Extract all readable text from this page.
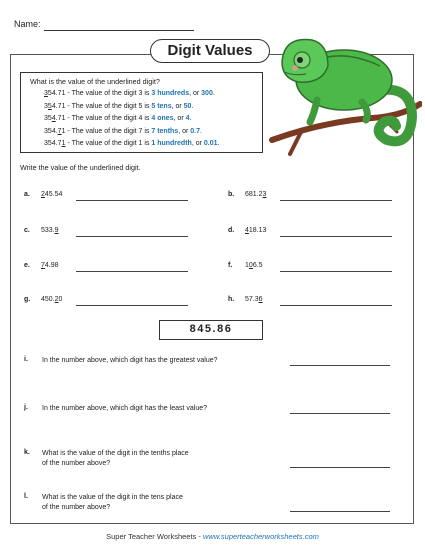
Name:
Digit Values
What is the value of the underlined digit?
354.71 - The value of the digit 3 is 3 hundreds, or 300.
354.71 - The value of the digit 5 is 5 tens, or 50.
354.71 - The value of the digit 4 is 4 ones, or 4.
354.71 - The value of the digit 7 is 7 tenths, or 0.7.
354.71 - The value of the digit 1 is 1 hundredth, or 0.01.
Write the value of the underlined digit.
a. 245.54	b. 681.23
c. 533.9	d. 418.13
e. 74.98	f. 106.5
g. 450.20	h. 57.36
845.86
i. In the number above, which digit has the greatest value?
j. In the number above, which digit has the least value?
k. What is the value of the digit in the tenths place
of the number above?
l. What is the value of the digit in the tens place
of the number above?
Super Teacher Worksheets - www.superteacherworksheets.com
